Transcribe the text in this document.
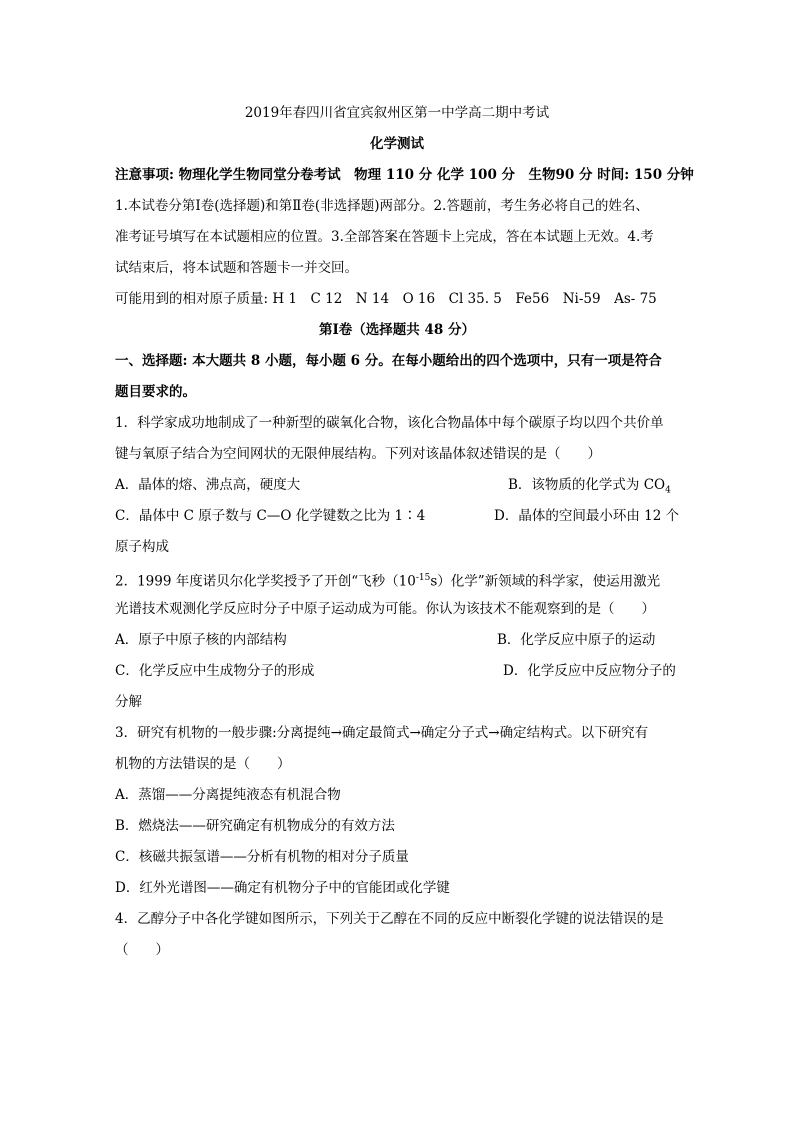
2019年春四川省宜宾叙州区第一中学高二期中考试
化学测试
注意事项: 物理化学生物同堂分卷考试　物理 110 分 化学 100 分　生物90 分 时间: 150 分钟
1.本试卷分第Ⅰ卷(选择题)和第Ⅱ卷(非选择题)两部分。2.答题前，考生务必将自己的姓名、
准考证号填写在本试题相应的位置。3.全部答案在答题卡上完成，答在本试题上无效。4.考
试结束后，将本试题和答题卡一并交回。
可能用到的相对原子质量: H 1　C 12　N 14　O 16　Cl 35. 5　Fe56　Ni-59　As- 75
第Ⅰ卷（选择题共 48 分）
一、选择题: 本大题共 8 小题，每小题 6 分。在每小题给出的四个选项中，只有一项是符合
题目要求的。
1．科学家成功地制成了一种新型的碳氧化合物，该化合物晶体中每个碳原子均以四个共价单
键与氧原子结合为空间网状的无限伸展结构。下列对该晶体叙述错误的是（　　）
A．晶体的熔、沸点高，硬度大	B．该物质的化学式为 $CO_4$
C．晶体中 C 原子数与 C—O 化学键数之比为 1∶4	D．晶体的空间最小环由 12 个
原子构成
2．1999 年度诺贝尔化学奖授予了开创“飞秒$(10^{-15}s)$化学”新领域的科学家，使运用激光
光谱技术观测化学反应时分子中原子运动成为可能。你认为该技术不能观察到的是（　　）
A．原子中原子核的内部结构	B．化学反应中原子的运动
C．化学反应中生成物分子的形成	D．化学反应中反应物分子的
分解
3．研究有机物的一般步骤:分离提纯→确定最简式→确定分子式→确定结构式。以下研究有
机物的方法错误的是（　　）
A．蒸馏——分离提纯液态有机混合物
B．燃烧法——研究确定有机物成分的有效方法
C．核磁共振氢谱——分析有机物的相对分子质量
D．红外光谱图——确定有机物分子中的官能团或化学键
4．乙醇分子中各化学键如图所示，下列关于乙醇在不同的反应中断裂化学键的说法错误的是
（　　）
